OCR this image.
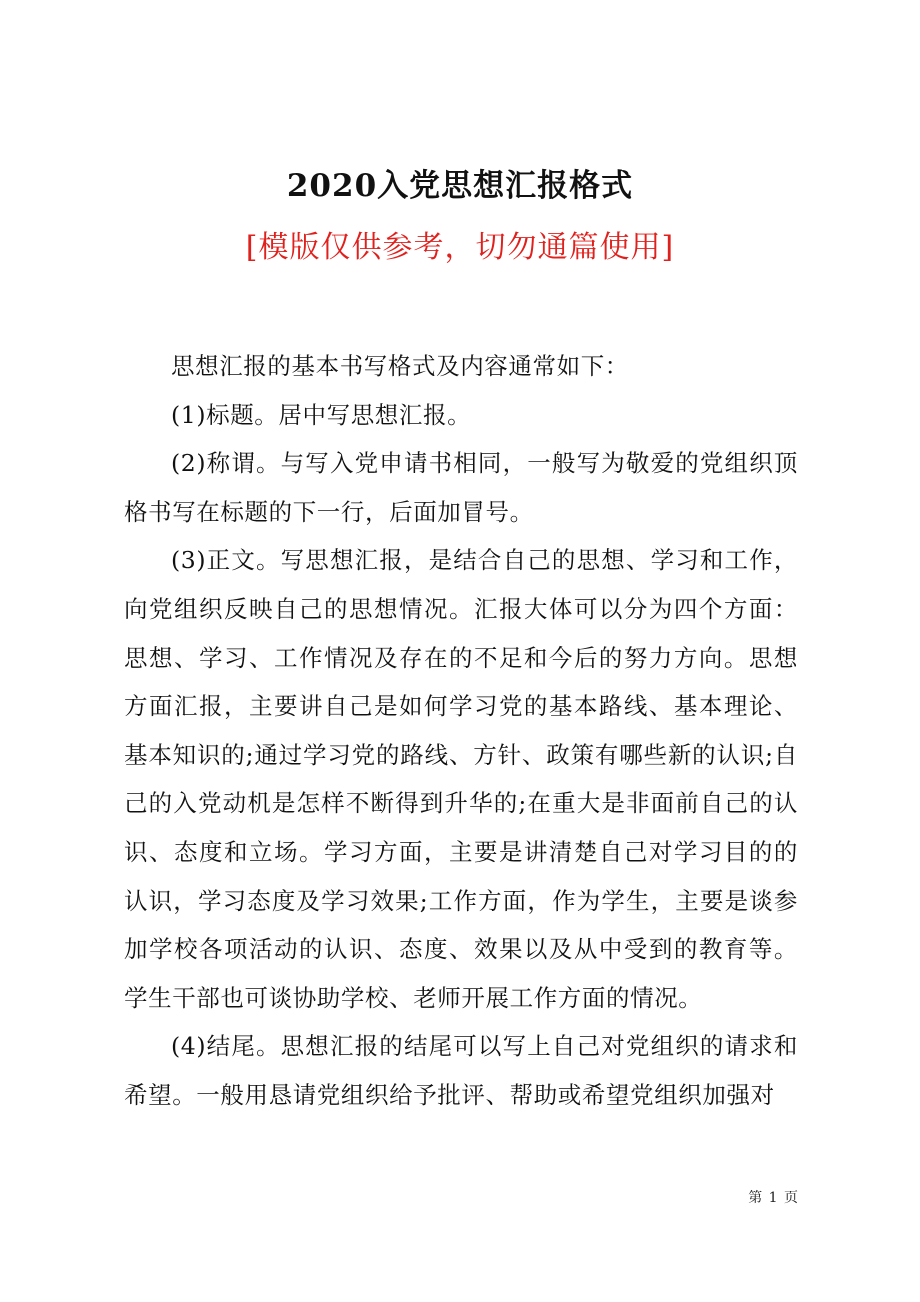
2020入党思想汇报格式
[模版仅供参考，切勿通篇使用]

思想汇报的基本书写格式及内容通常如下：

(1)标题。居中写思想汇报。

(2)称谓。与写入党申请书相同，一般写为敬爱的党组织顶格书写在标题的下一行，后面加冒号。

(3)正文。写思想汇报，是结合自己的思想、学习和工作，向党组织反映自己的思想情况。汇报大体可以分为四个方面：思想、学习、工作情况及存在的不足和今后的努力方向。思想方面汇报，主要讲自己是如何学习党的基本路线、基本理论、基本知识的;通过学习党的路线、方针、政策有哪些新的认识;自己的入党动机是怎样不断得到升华的;在重大是非面前自己的认识、态度和立场。学习方面，主要是讲清楚自己对学习目的的认识，学习态度及学习效果;工作方面，作为学生，主要是谈参加学校各项活动的认识、态度、效果以及从中受到的教育等。学生干部也可谈协助学校、老师开展工作方面的情况。

(4)结尾。思想汇报的结尾可以写上自己对党组织的请求和希望。一般用恳请党组织给予批评、帮助或希望党组织加强对

第 1 页
